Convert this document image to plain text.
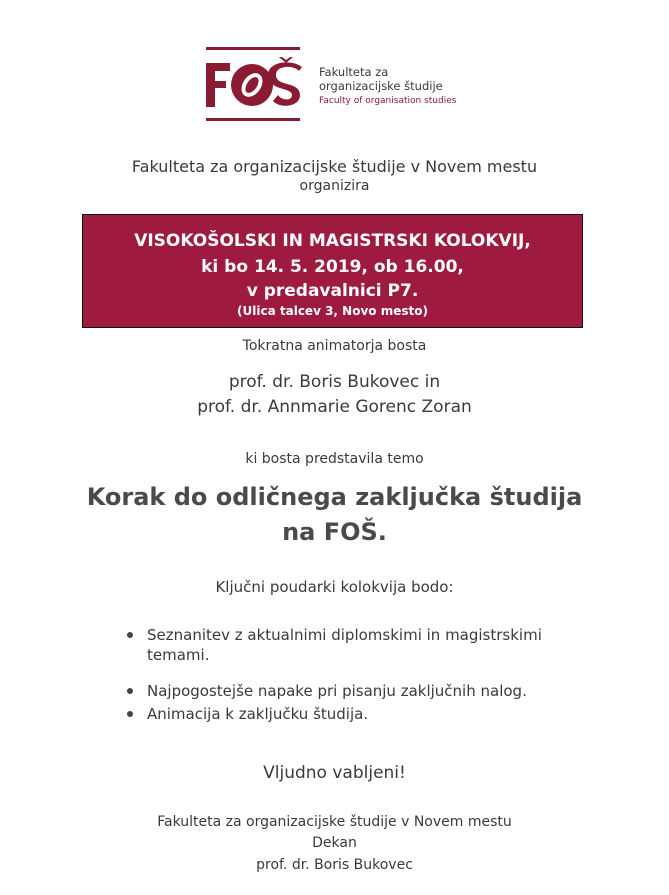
Fakulteta za
organizacijske študije
Faculty of organisation studies
Fakulteta za organizacijske študije v Novem mestu
organizira
VISOKOŠOLSKI IN MAGISTRSKI KOLOKVIJ,
ki bo 14. 5. 2019, ob 16.00,
v predavalnici P7.
(Ulica talcev 3, Novo mesto)
Tokratna animatorja bosta
prof. dr. Boris Bukovec in
prof. dr. Annmarie Gorenc Zoran
ki bosta predstavila temo
Korak do odličnega zaključka študija
na FOŠ.
Ključni poudarki kolokvija bodo:
Seznanitev z aktualnimi diplomskimi in magistrskimi temami.
Najpogostejše napake pri pisanju zaključnih nalog.
Animacija k zaključku študija.
Vljudno vabljeni!
Fakulteta za organizacijske študije v Novem mestu
Dekan
prof. dr. Boris Bukovec
